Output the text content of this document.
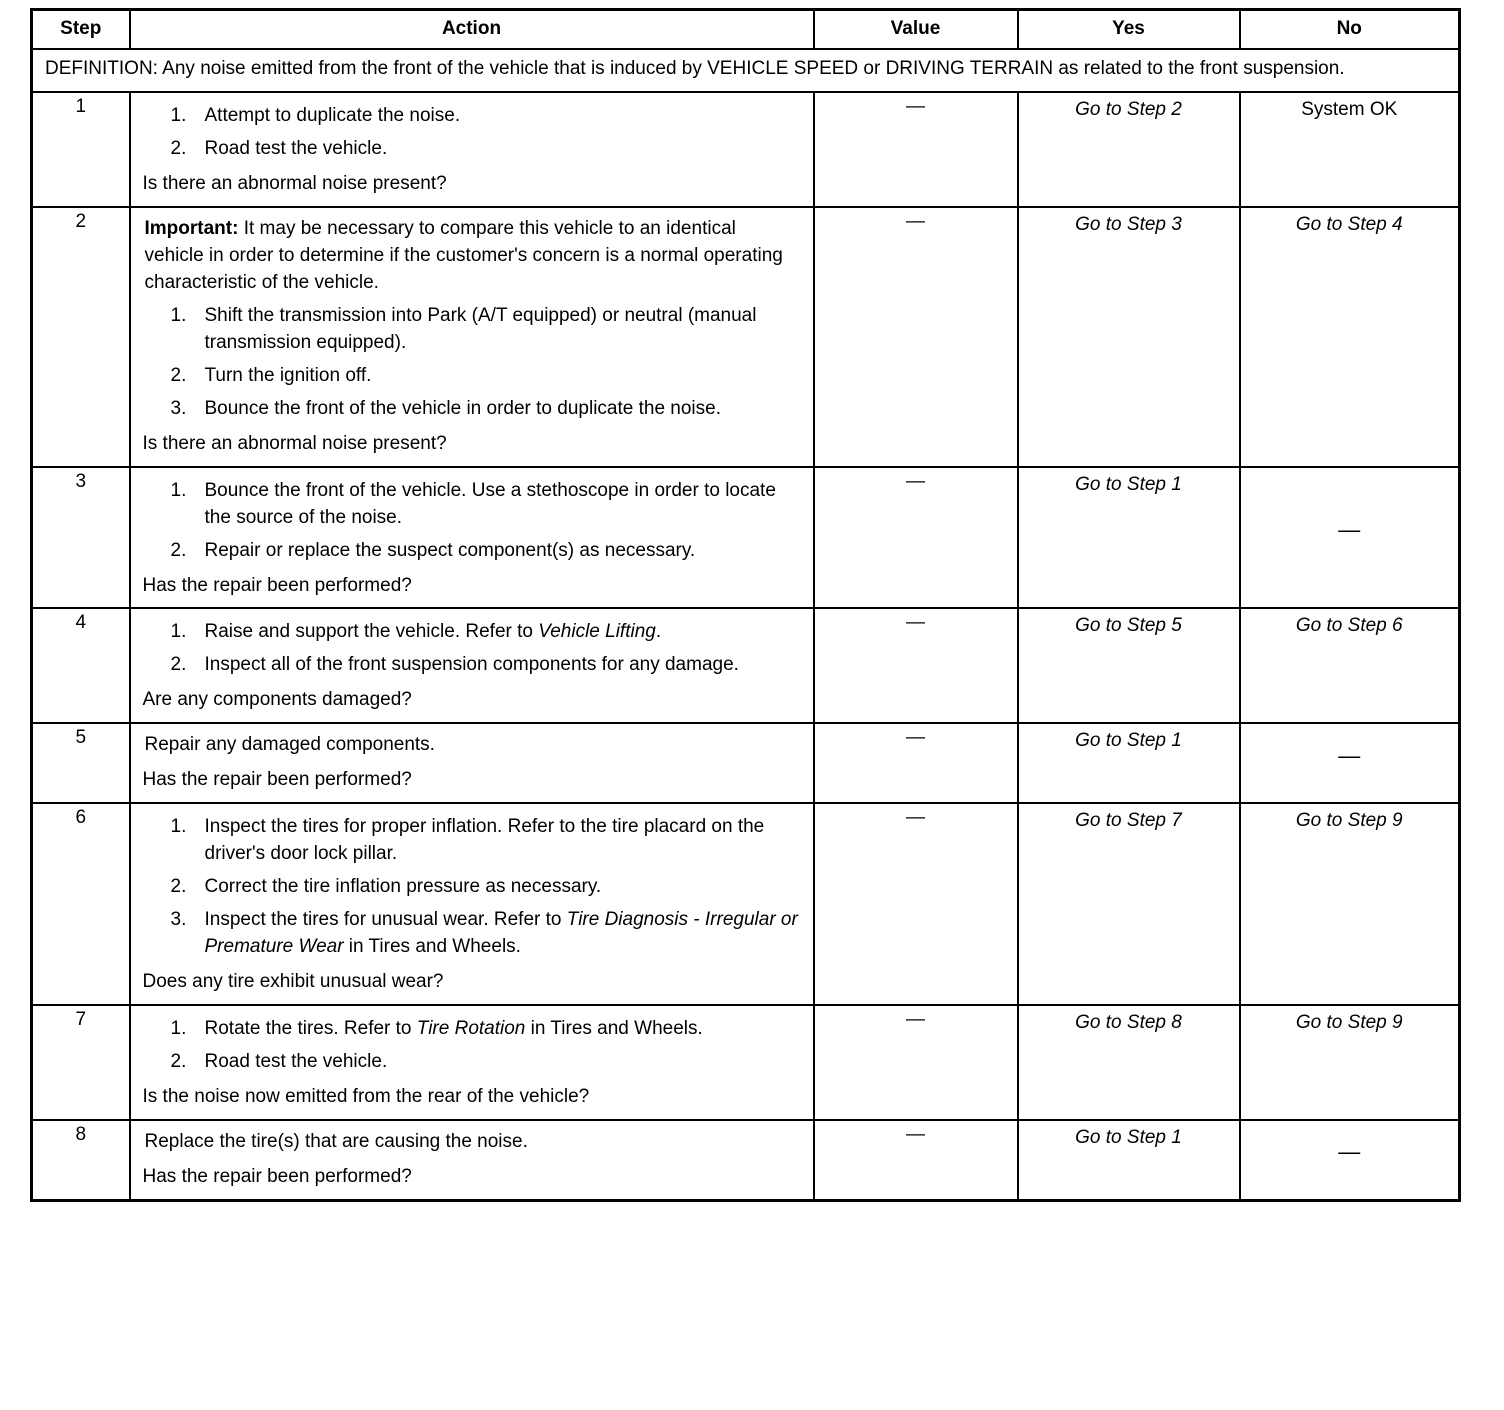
Step	Action	Value	Yes	No
DEFINITION: Any noise emitted from the front of the vehicle that is induced by VEHICLE SPEED or DRIVING TERRAIN as related to the front suspension.				
1	1. Attempt to duplicate the noise.
2. Road test the vehicle.
Is there an abnormal noise present?	—	Go to Step 2	System OK
2	Important: It may be necessary to compare this vehicle to an identical vehicle in order to determine if the customer's concern is a normal operating characteristic of the vehicle.
1. Shift the transmission into Park (A/T equipped) or neutral (manual transmission equipped).
2. Turn the ignition off.
3. Bounce the front of the vehicle in order to duplicate the noise.
Is there an abnormal noise present?
	—	Go to Step 3	Go to Step 4
3	1. Bounce the front of the vehicle. Use a stethoscope in order to locate the source of the noise.
2. Repair or replace the suspect component(s) as necessary.
Has the repair been performed?	—	Go to Step 1	—
4	1. Raise and support the vehicle. Refer to Vehicle Lifting.
2. Inspect all of the front suspension components for any damage.
Are any components damaged?	—	Go to Step 5	Go to Step 6
5	Repair any damaged components.
Has the repair been performed?	—	Go to Step 1	—
6	1. Inspect the tires for proper inflation. Refer to the tire placard on the driver's door lock pillar.
2. Correct the tire inflation pressure as necessary.
3. Inspect the tires for unusual wear. Refer to Tire Diagnosis - Irregular or Premature Wear in Tires and Wheels.
Does any tire exhibit unusual wear?
	—	Go to Step 7	Go to Step 9
7	1. Rotate the tires. Refer to Tire Rotation in Tires and Wheels.
2. Road test the vehicle.
Is the noise now emitted from the rear of the vehicle?	—	Go to Step 8	Go to Step 9
8	Replace the tire(s) that are causing the noise.
Has the repair been performed?	—	Go to Step 1	—
